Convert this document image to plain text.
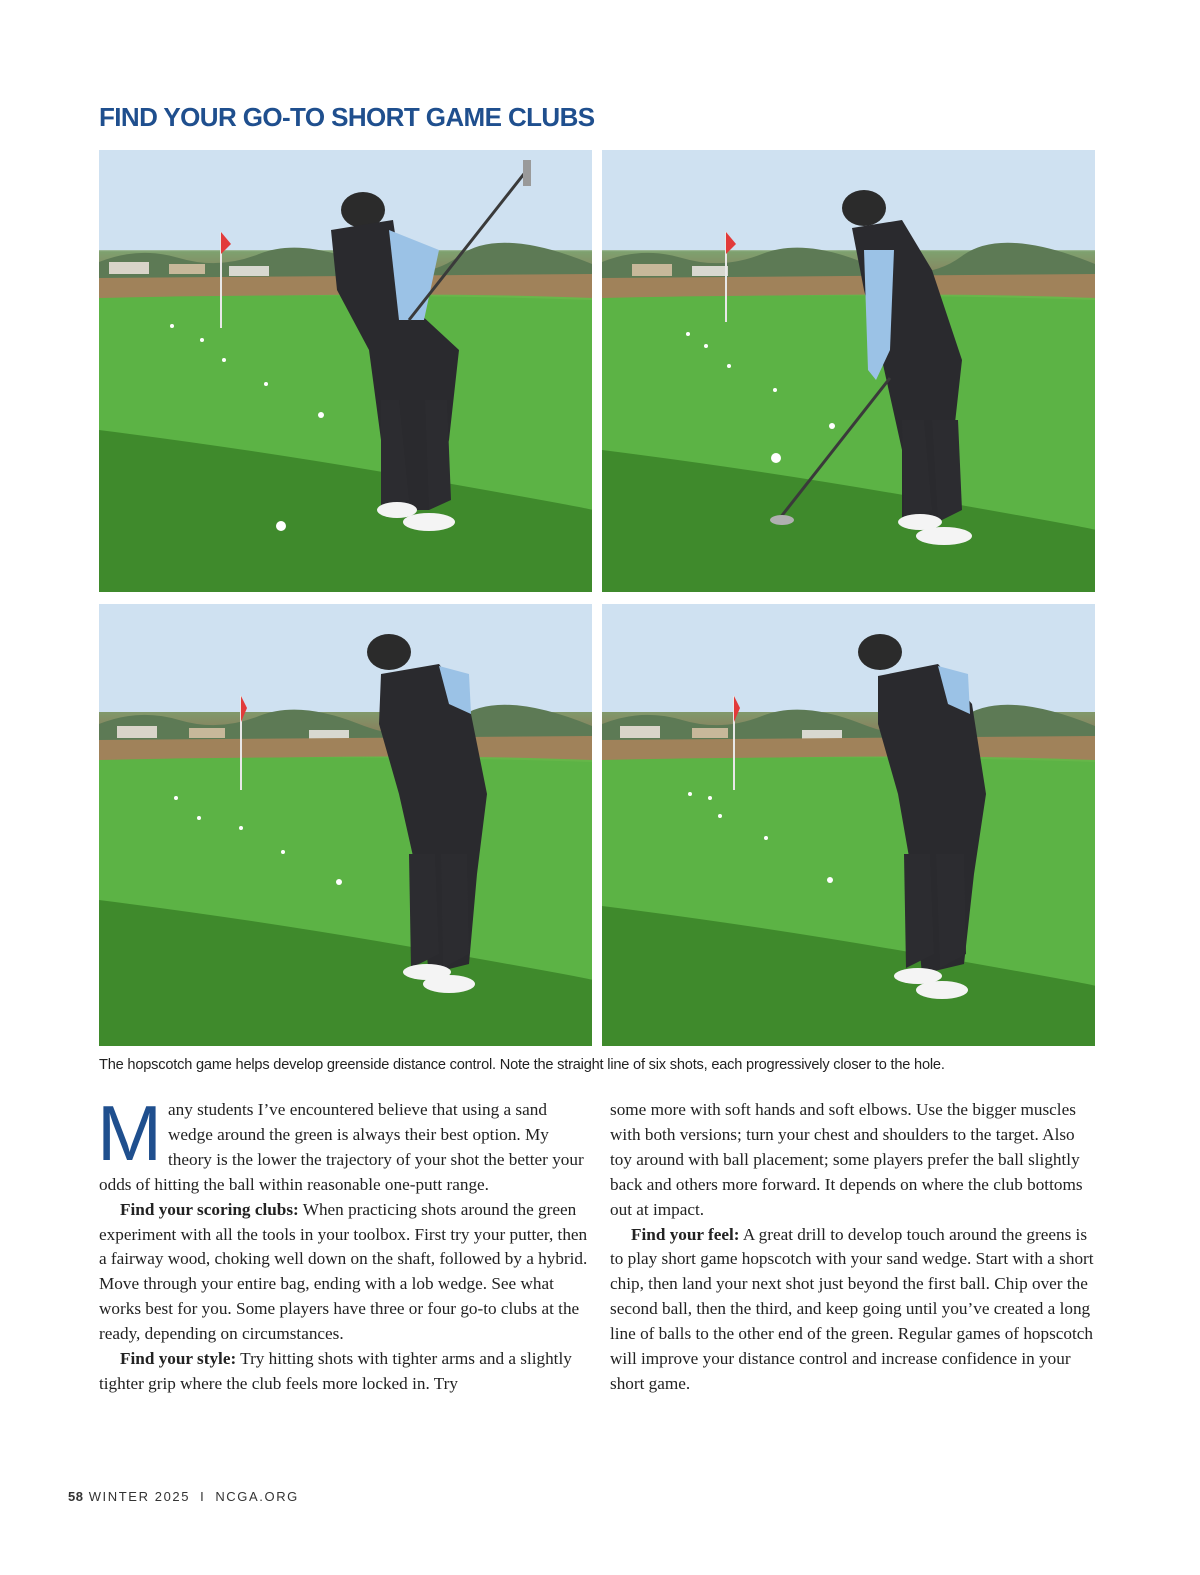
FIND YOUR GO-TO SHORT GAME CLUBS

The hopscotch game helps develop greenside distance control. Note the straight line of six shots, each progressively closer to the hole.

Many students I’ve encountered believe that using a sand wedge around the green is always their best option. My theory is the lower the trajectory of your shot the better your odds of hitting the ball within reasonable one-putt range.

Find your scoring clubs: When practicing shots around the green experiment with all the tools in your toolbox. First try your putter, then a fairway wood, choking well down on the shaft, followed by a hybrid. Move through your entire bag, ending with a lob wedge. See what works best for you. Some players have three or four go-to clubs at the ready, depending on circumstances.

Find your style: Try hitting shots with tighter arms and a slightly tighter grip where the club feels more locked in. Try

some more with soft hands and soft elbows. Use the bigger muscles with both versions; turn your chest and shoulders to the target. Also toy around with ball placement; some players prefer the ball slightly back and others more forward. It depends on where the club bottoms out at impact.

Find your feel: A great drill to develop touch around the greens is to play short game hopscotch with your sand wedge. Start with a short chip, then land your next shot just beyond the first ball. Chip over the second ball, then the third, and keep going until you’ve created a long line of balls to the other end of the green. Regular games of hopscotch will improve your distance control and increase confidence in your short game.

58 WINTER 2025 I NCGA.ORG
